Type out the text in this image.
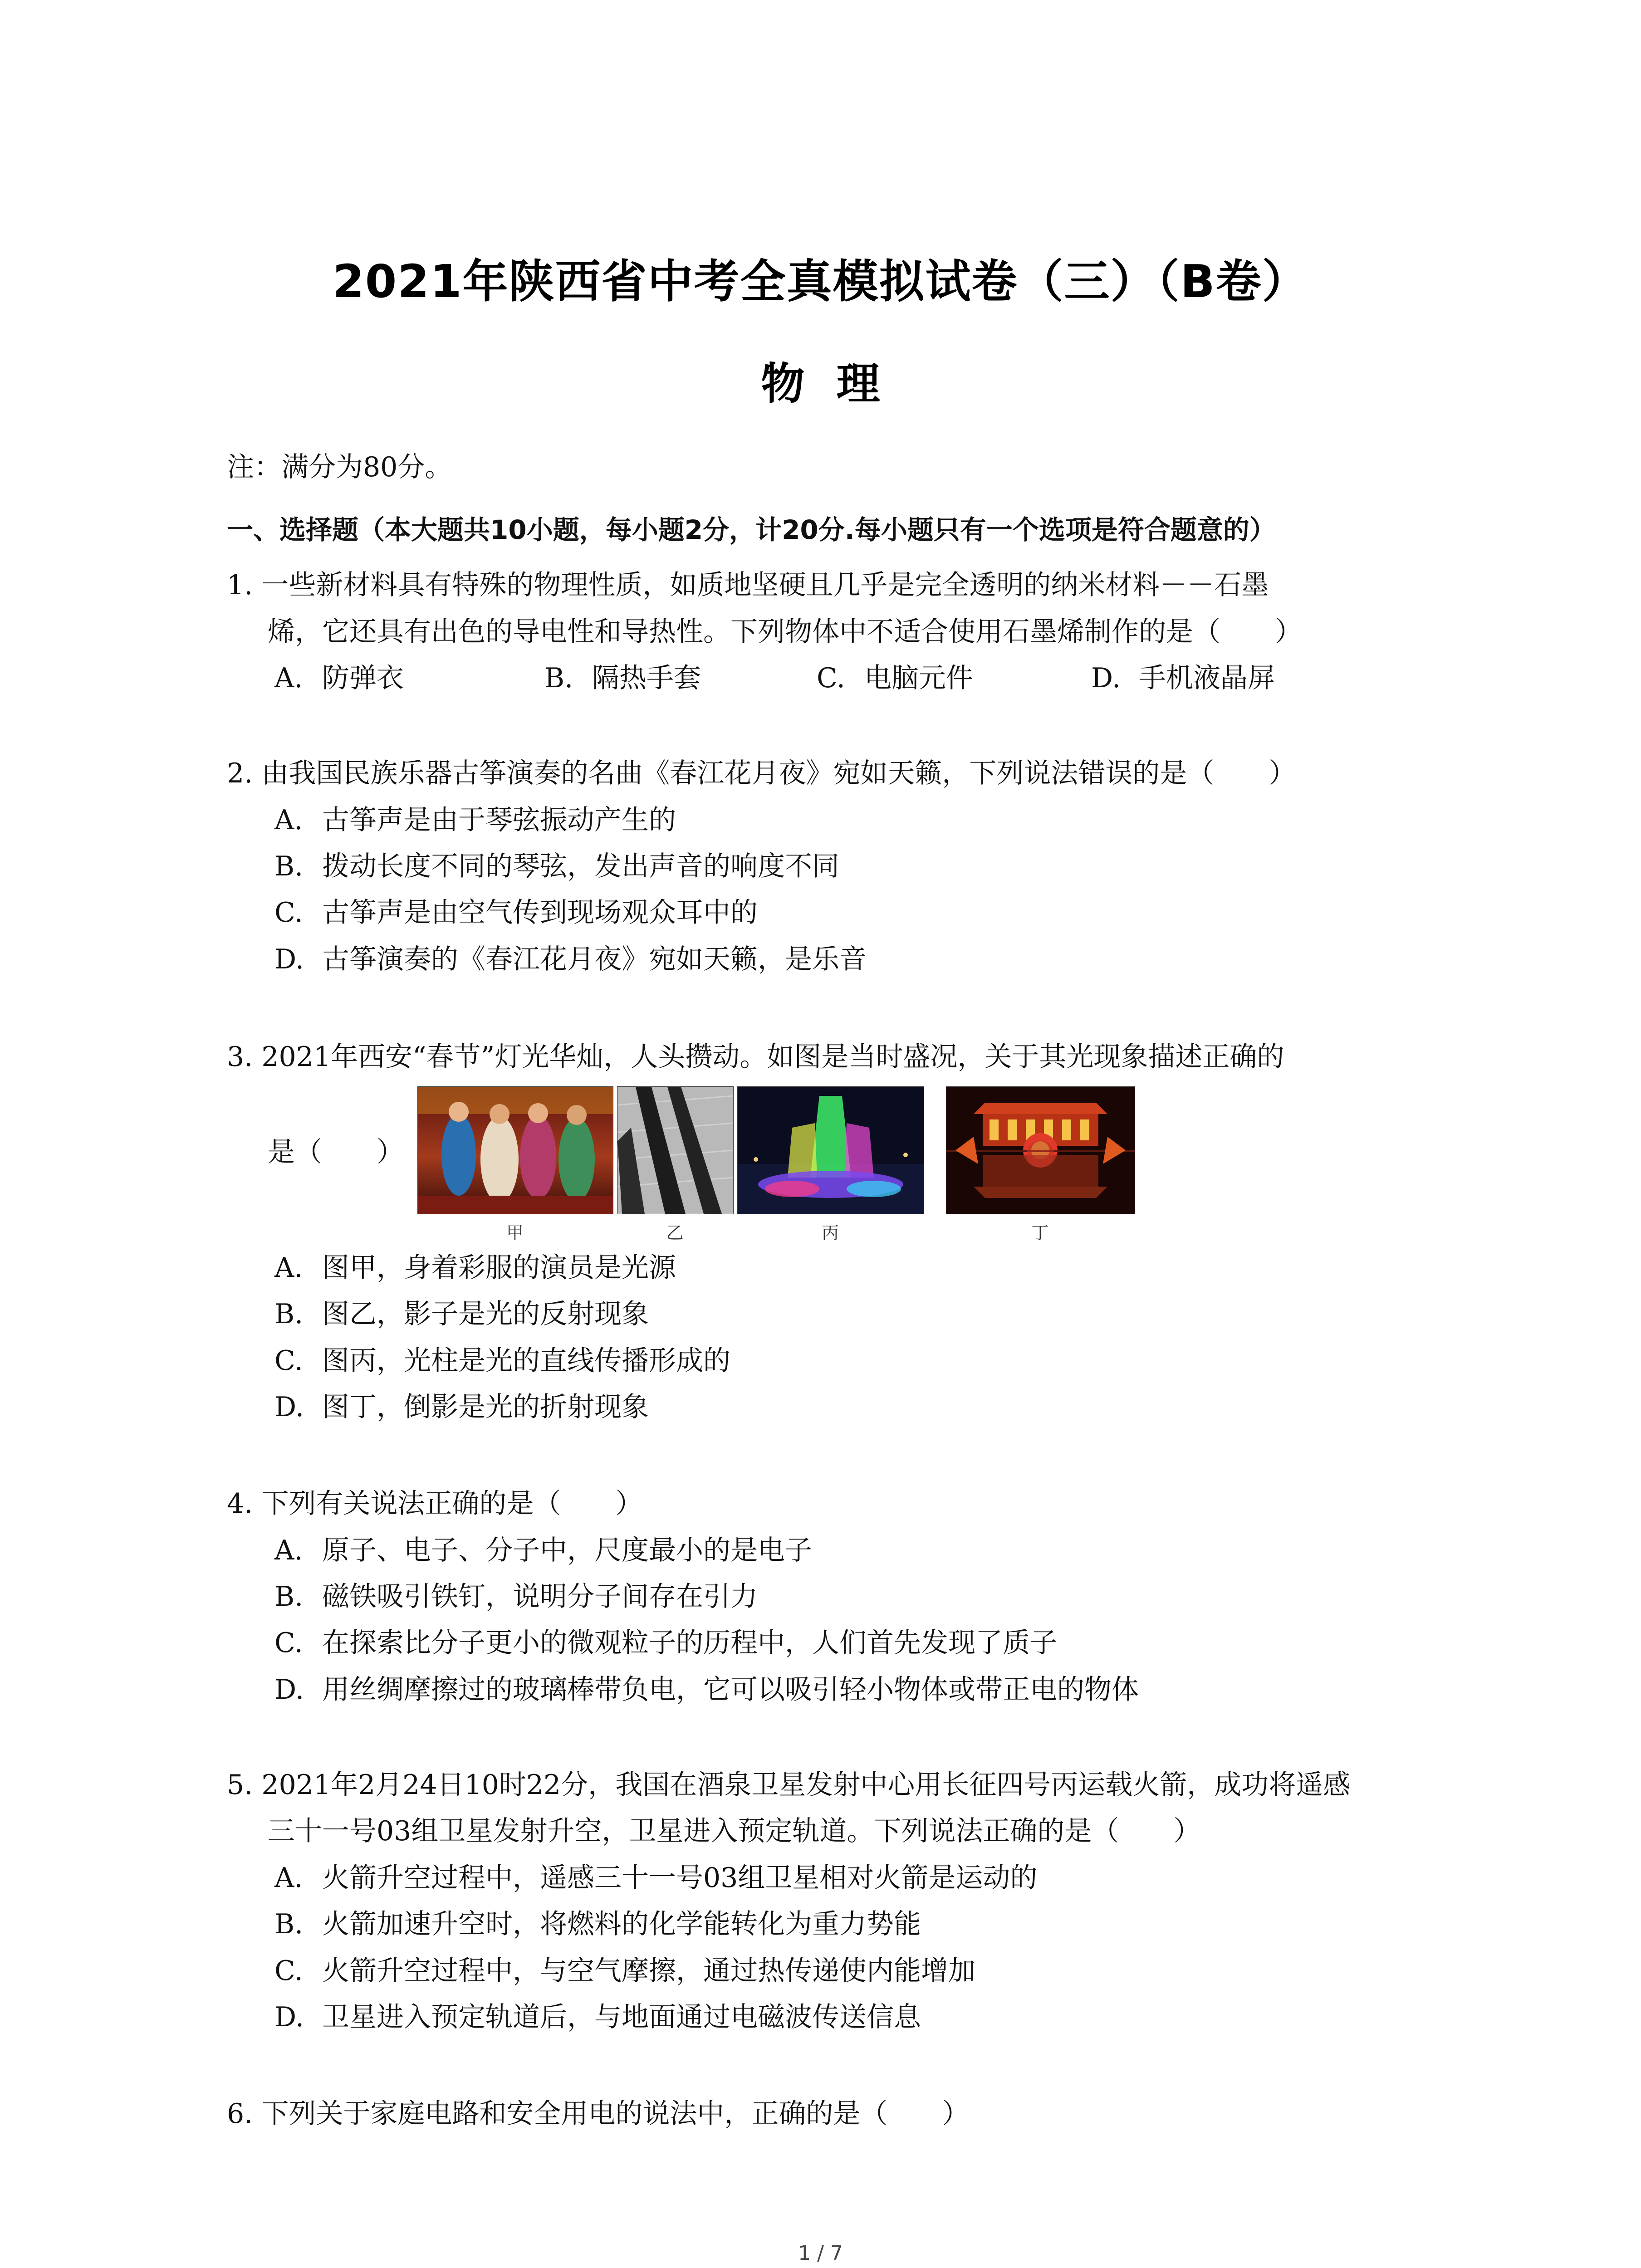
2021年陕西省中考全真模拟试卷（三）（B卷）
物理
注：满分为80分。
一、选择题（本大题共10小题，每小题2分，计20分.每小题只有一个选项是符合题意的）
1. 一些新材料具有特殊的物理性质，如质地坚硬且几乎是完全透明的纳米材料－－石墨
烯，它还具有出色的导电性和导热性。下列物体中不适合使用石墨烯制作的是（　　）
A. 防弹衣	B. 隔热手套	C. 电脑元件	D. 手机液晶屏
2. 由我国民族乐器古筝演奏的名曲《春江花月夜》宛如天籁，下列说法错误的是（　　）
A. 古筝声是由于琴弦振动产生的
B. 拨动长度不同的琴弦，发出声音的响度不同
C. 古筝声是由空气传到现场观众耳中的
D. 古筝演奏的《春江花月夜》宛如天籁，是乐音
3. 2021年西安“春节”灯光华灿，人头攒动。如图是当时盛况，关于其光现象描述正确的
是（　　）
甲	乙	丙	丁
A. 图甲，身着彩服的演员是光源
B. 图乙，影子是光的反射现象
C. 图丙，光柱是光的直线传播形成的
D. 图丁，倒影是光的折射现象
4. 下列有关说法正确的是（　　）
A. 原子、电子、分子中，尺度最小的是电子
B. 磁铁吸引铁钉，说明分子间存在引力
C. 在探索比分子更小的微观粒子的历程中，人们首先发现了质子
D. 用丝绸摩擦过的玻璃棒带负电，它可以吸引轻小物体或带正电的物体
5. 2021年2月24日10时22分，我国在酒泉卫星发射中心用长征四号丙运载火箭，成功将遥感
三十一号03组卫星发射升空，卫星进入预定轨道。下列说法正确的是（　　）
A. 火箭升空过程中，遥感三十一号03组卫星相对火箭是运动的
B. 火箭加速升空时，将燃料的化学能转化为重力势能
C. 火箭升空过程中，与空气摩擦，通过热传递使内能增加
D. 卫星进入预定轨道后，与地面通过电磁波传送信息
6. 下列关于家庭电路和安全用电的说法中，正确的是（　　）
1 / 7
